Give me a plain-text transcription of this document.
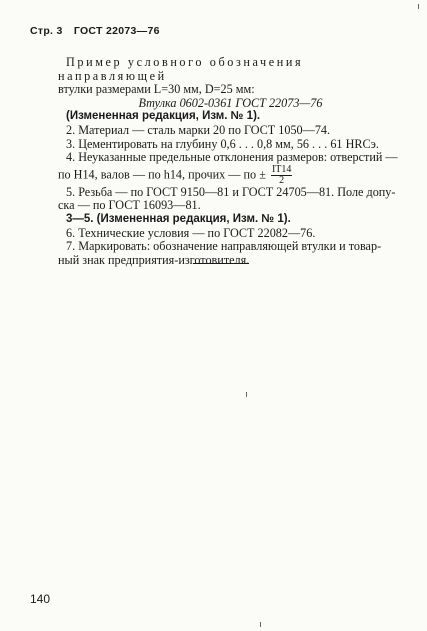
Стр. 3 ГОСТ 22073—76

Пример условного обозначения направляющей

втулки размерами L=30 мм, D=25 мм:

Втулка 0602-0361 ГОСТ 22073—76

(Измененная редакция, Изм. № 1).

2. Материал — сталь марки 20 по ГОСТ 1050—74.

3. Цементировать на глубину 0,6 . . . 0,8 мм, 56 . . . 61 HRCэ.

4. Неуказанные предельные отклонения размеров: отверстий —

по H14, валов — по h14, прочих — по ± $\frac{IT14}{2}$

5. Резьба — по ГОСТ 9150—81 и ГОСТ 24705—81. Поле допу-

ска — по ГОСТ 16093—81.

3—5. (Измененная редакция, Изм. № 1).

6. Технические условия — по ГОСТ 22082—76.

7. Маркировать: обозначение направляющей втулки и товар-

ный знак предприятия-изготовителя.

140
